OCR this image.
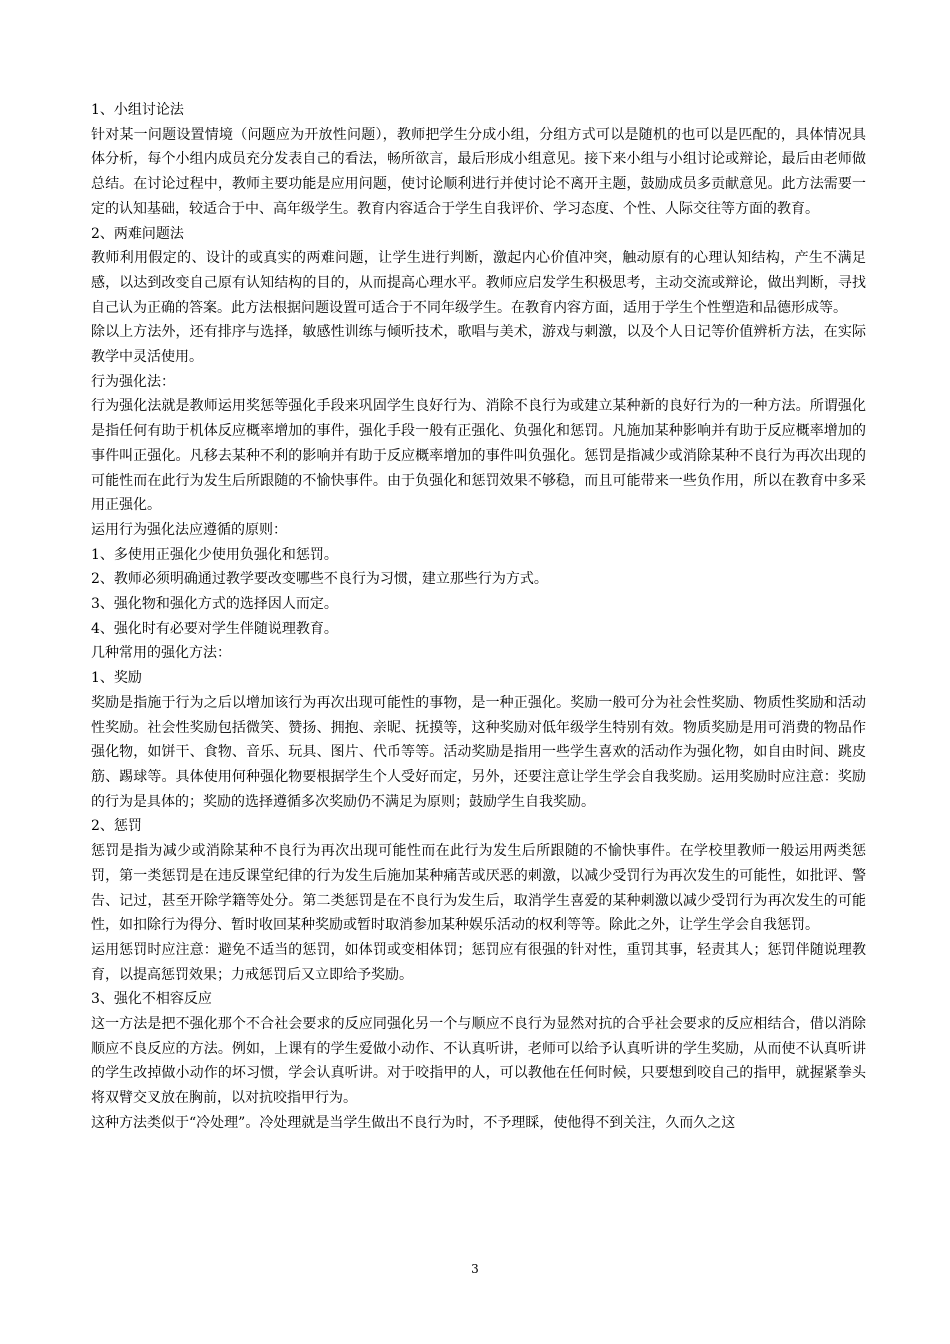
1、小组讨论法

针对某一问题设置情境（问题应为开放性问题），教师把学生分成小组，分组方式可以是随机的也可以是匹配的，具体情况具体分析，每个小组内成员充分发表自己的看法，畅所欲言，最后形成小组意见。接下来小组与小组讨论或辩论，最后由老师做总结。在讨论过程中，教师主要功能是应用问题，使讨论顺利进行并使讨论不离开主题，鼓励成员多贡献意见。此方法需要一定的认知基础，较适合于中、高年级学生。教育内容适合于学生自我评价、学习态度、个性、人际交往等方面的教育。

2、两难问题法

教师利用假定的、设计的或真实的两难问题，让学生进行判断，激起内心价值冲突，触动原有的心理认知结构，产生不满足感，以达到改变自己原有认知结构的目的，从而提高心理水平。教师应启发学生积极思考，主动交流或辩论，做出判断，寻找自己认为正确的答案。此方法根据问题设置可适合于不同年级学生。在教育内容方面，适用于学生个性塑造和品德形成等。

除以上方法外，还有排序与选择，敏感性训练与倾听技术，歌唱与美术，游戏与刺激，以及个人日记等价值辨析方法，在实际教学中灵活使用。

行为强化法：

行为强化法就是教师运用奖惩等强化手段来巩固学生良好行为、消除不良行为或建立某种新的良好行为的一种方法。所谓强化是指任何有助于机体反应概率增加的事件，强化手段一般有正强化、负强化和惩罚。凡施加某种影响并有助于反应概率增加的事件叫正强化。凡移去某种不利的影响并有助于反应概率增加的事件叫负强化。惩罚是指减少或消除某种不良行为再次出现的可能性而在此行为发生后所跟随的不愉快事件。由于负强化和惩罚效果不够稳，而且可能带来一些负作用，所以在教育中多采用正强化。

运用行为强化法应遵循的原则：

1、多使用正强化少使用负强化和惩罚。

2、教师必须明确通过教学要改变哪些不良行为习惯，建立那些行为方式。

3、强化物和强化方式的选择因人而定。

4、强化时有必要对学生伴随说理教育。

几种常用的强化方法：

1、奖励

奖励是指施于行为之后以增加该行为再次出现可能性的事物，是一种正强化。奖励一般可分为社会性奖励、物质性奖励和活动性奖励。社会性奖励包括微笑、赞扬、拥抱、亲昵、抚摸等，这种奖励对低年级学生特别有效。物质奖励是用可消费的物品作强化物，如饼干、食物、音乐、玩具、图片、代币等等。活动奖励是指用一些学生喜欢的活动作为强化物，如自由时间、跳皮筋、踢球等。具体使用何种强化物要根据学生个人受好而定，另外，还要注意让学生学会自我奖励。运用奖励时应注意：奖励的行为是具体的；奖励的选择遵循多次奖励仍不满足为原则；鼓励学生自我奖励。

2、惩罚

惩罚是指为减少或消除某种不良行为再次出现可能性而在此行为发生后所跟随的不愉快事件。在学校里教师一般运用两类惩罚，第一类惩罚是在违反课堂纪律的行为发生后施加某种痛苦或厌恶的刺激，以减少受罚行为再次发生的可能性，如批评、警告、记过，甚至开除学籍等处分。第二类惩罚是在不良行为发生后，取消学生喜爱的某种刺激以减少受罚行为再次发生的可能性，如扣除行为得分、暂时收回某种奖励或暂时取消参加某种娱乐活动的权利等等。除此之外，让学生学会自我惩罚。

运用惩罚时应注意：避免不适当的惩罚，如体罚或变相体罚；惩罚应有很强的针对性，重罚其事，轻责其人；惩罚伴随说理教育，以提高惩罚效果；力戒惩罚后又立即给予奖励。

3、强化不相容反应

这一方法是把不强化那个不合社会要求的反应同强化另一个与顺应不良行为显然对抗的合乎社会要求的反应相结合，借以消除顺应不良反应的方法。例如，上课有的学生爱做小动作、不认真听讲，老师可以给予认真听讲的学生奖励，从而使不认真听讲的学生改掉做小动作的坏习惯，学会认真听讲。对于咬指甲的人，可以教他在任何时候，只要想到咬自己的指甲，就握紧拳头将双臂交叉放在胸前，以对抗咬指甲行为。

这种方法类似于“冷处理”。冷处理就是当学生做出不良行为时，不予理睬，使他得不到关注，久而久之这

3
